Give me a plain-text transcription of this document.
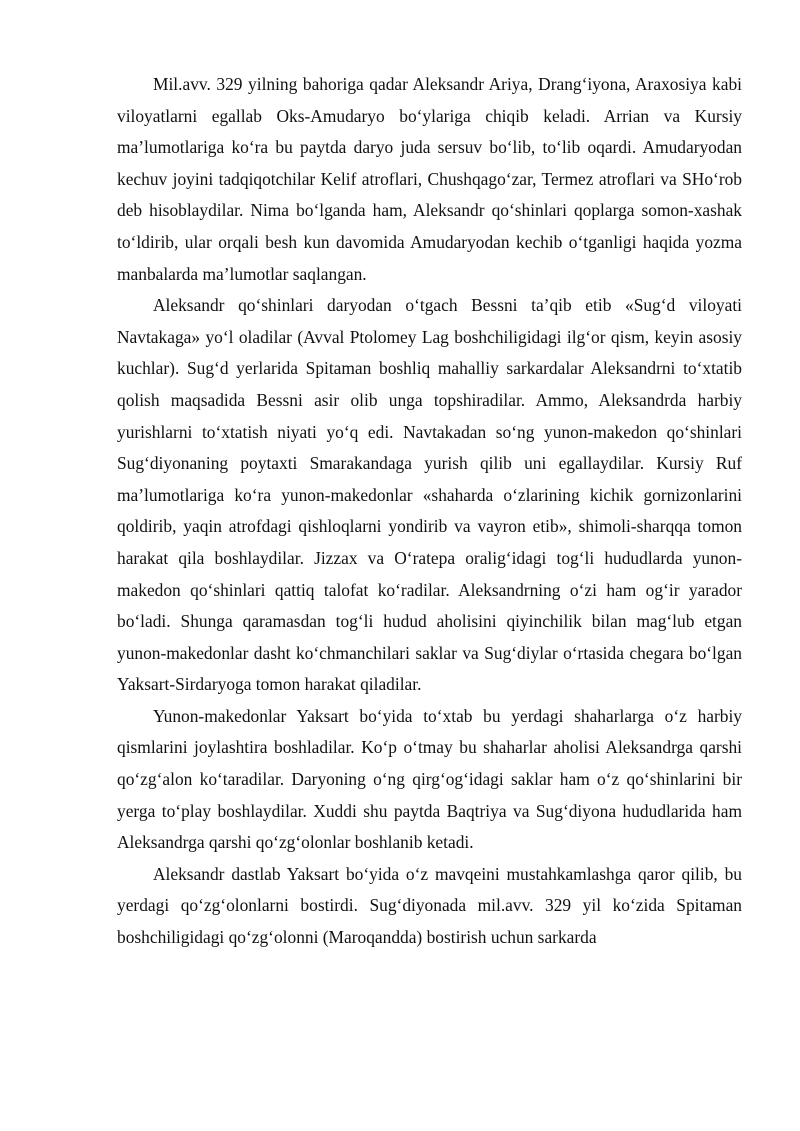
Mil.avv. 329 yilning bahoriga qadar Aleksandr Ariya, Drang‘iyona, Araxosiya kabi viloyatlarni egallab Oks-Amudaryo bo‘ylariga chiqib keladi. Arrian va Kursiy ma’lumotlariga ko‘ra bu paytda daryo juda sersuv bo‘lib, to‘lib oqardi. Amudaryodan kechuv joyini tadqiqotchilar Kelif atroflari, Chushqago‘zar, Termez atroflari va SHo‘rob deb hisoblaydilar. Nima bo‘lganda ham, Aleksandr qo‘shinlari qoplarga somon-xashak to‘ldirib, ular orqali besh kun davomida Amudaryodan kechib o‘tganligi haqida yozma manbalarda ma’lumotlar saqlangan.

Aleksandr qo‘shinlari daryodan o‘tgach Bessni ta’qib etib «Sug‘d viloyati Navtakaga» yo‘l oladilar (Avval Ptolomey Lag boshchiligidagi ilg‘or qism, keyin asosiy kuchlar). Sug‘d yerlarida Spitaman boshliq mahalliy sarkardalar Aleksandrni to‘xtatib qolish maqsadida Bessni asir olib unga topshiradilar. Ammo, Aleksandrda harbiy yurishlarni to‘xtatish niyati yo‘q edi. Navtakadan so‘ng yunon-makedon qo‘shinlari Sug‘diyonaning poytaxti Smarakandaga yurish qilib uni egallaydilar. Kursiy Ruf ma’lumotlariga ko‘ra yunon-makedonlar «shaharda o‘zlarining kichik gornizonlarini qoldirib, yaqin atrofdagi qishloqlarni yondirib va vayron etib», shimoli-sharqqa tomon harakat qila boshlaydilar. Jizzax va O‘ratepa oralig‘idagi tog‘li hududlarda yunon-makedon qo‘shinlari qattiq talofat ko‘radilar. Aleksandrning o‘zi ham og‘ir yarador bo‘ladi. Shunga qaramasdan tog‘li hudud aholisini qiyinchilik bilan mag‘lub etgan yunon-makedonlar dasht ko‘chmanchilari saklar va Sug‘diylar o‘rtasida chegara bo‘lgan Yaksart-Sirdaryoga tomon harakat qiladilar.

Yunon-makedonlar Yaksart bo‘yida to‘xtab bu yerdagi shaharlarga o‘z harbiy qismlarini joylashtira boshladilar. Ko‘p o‘tmay bu shaharlar aholisi Aleksandrga qarshi qo‘zg‘alon ko‘taradilar. Daryoning o‘ng qirg‘og‘idagi saklar ham o‘z qo‘shinlarini bir yerga to‘play boshlaydilar. Xuddi shu paytda Baqtriya va Sug‘diyona hududlarida ham Aleksandrga qarshi qo‘zg‘olonlar boshlanib ketadi.

Aleksandr dastlab Yaksart bo‘yida o‘z mavqeini mustahkamlashga qaror qilib, bu yerdagi qo‘zg‘olonlarni bostirdi. Sug‘diyonada mil.avv. 329 yil ko‘zida Spitaman boshchiligidagi qo‘zg‘olonni (Maroqandda) bostirish uchun sarkarda
